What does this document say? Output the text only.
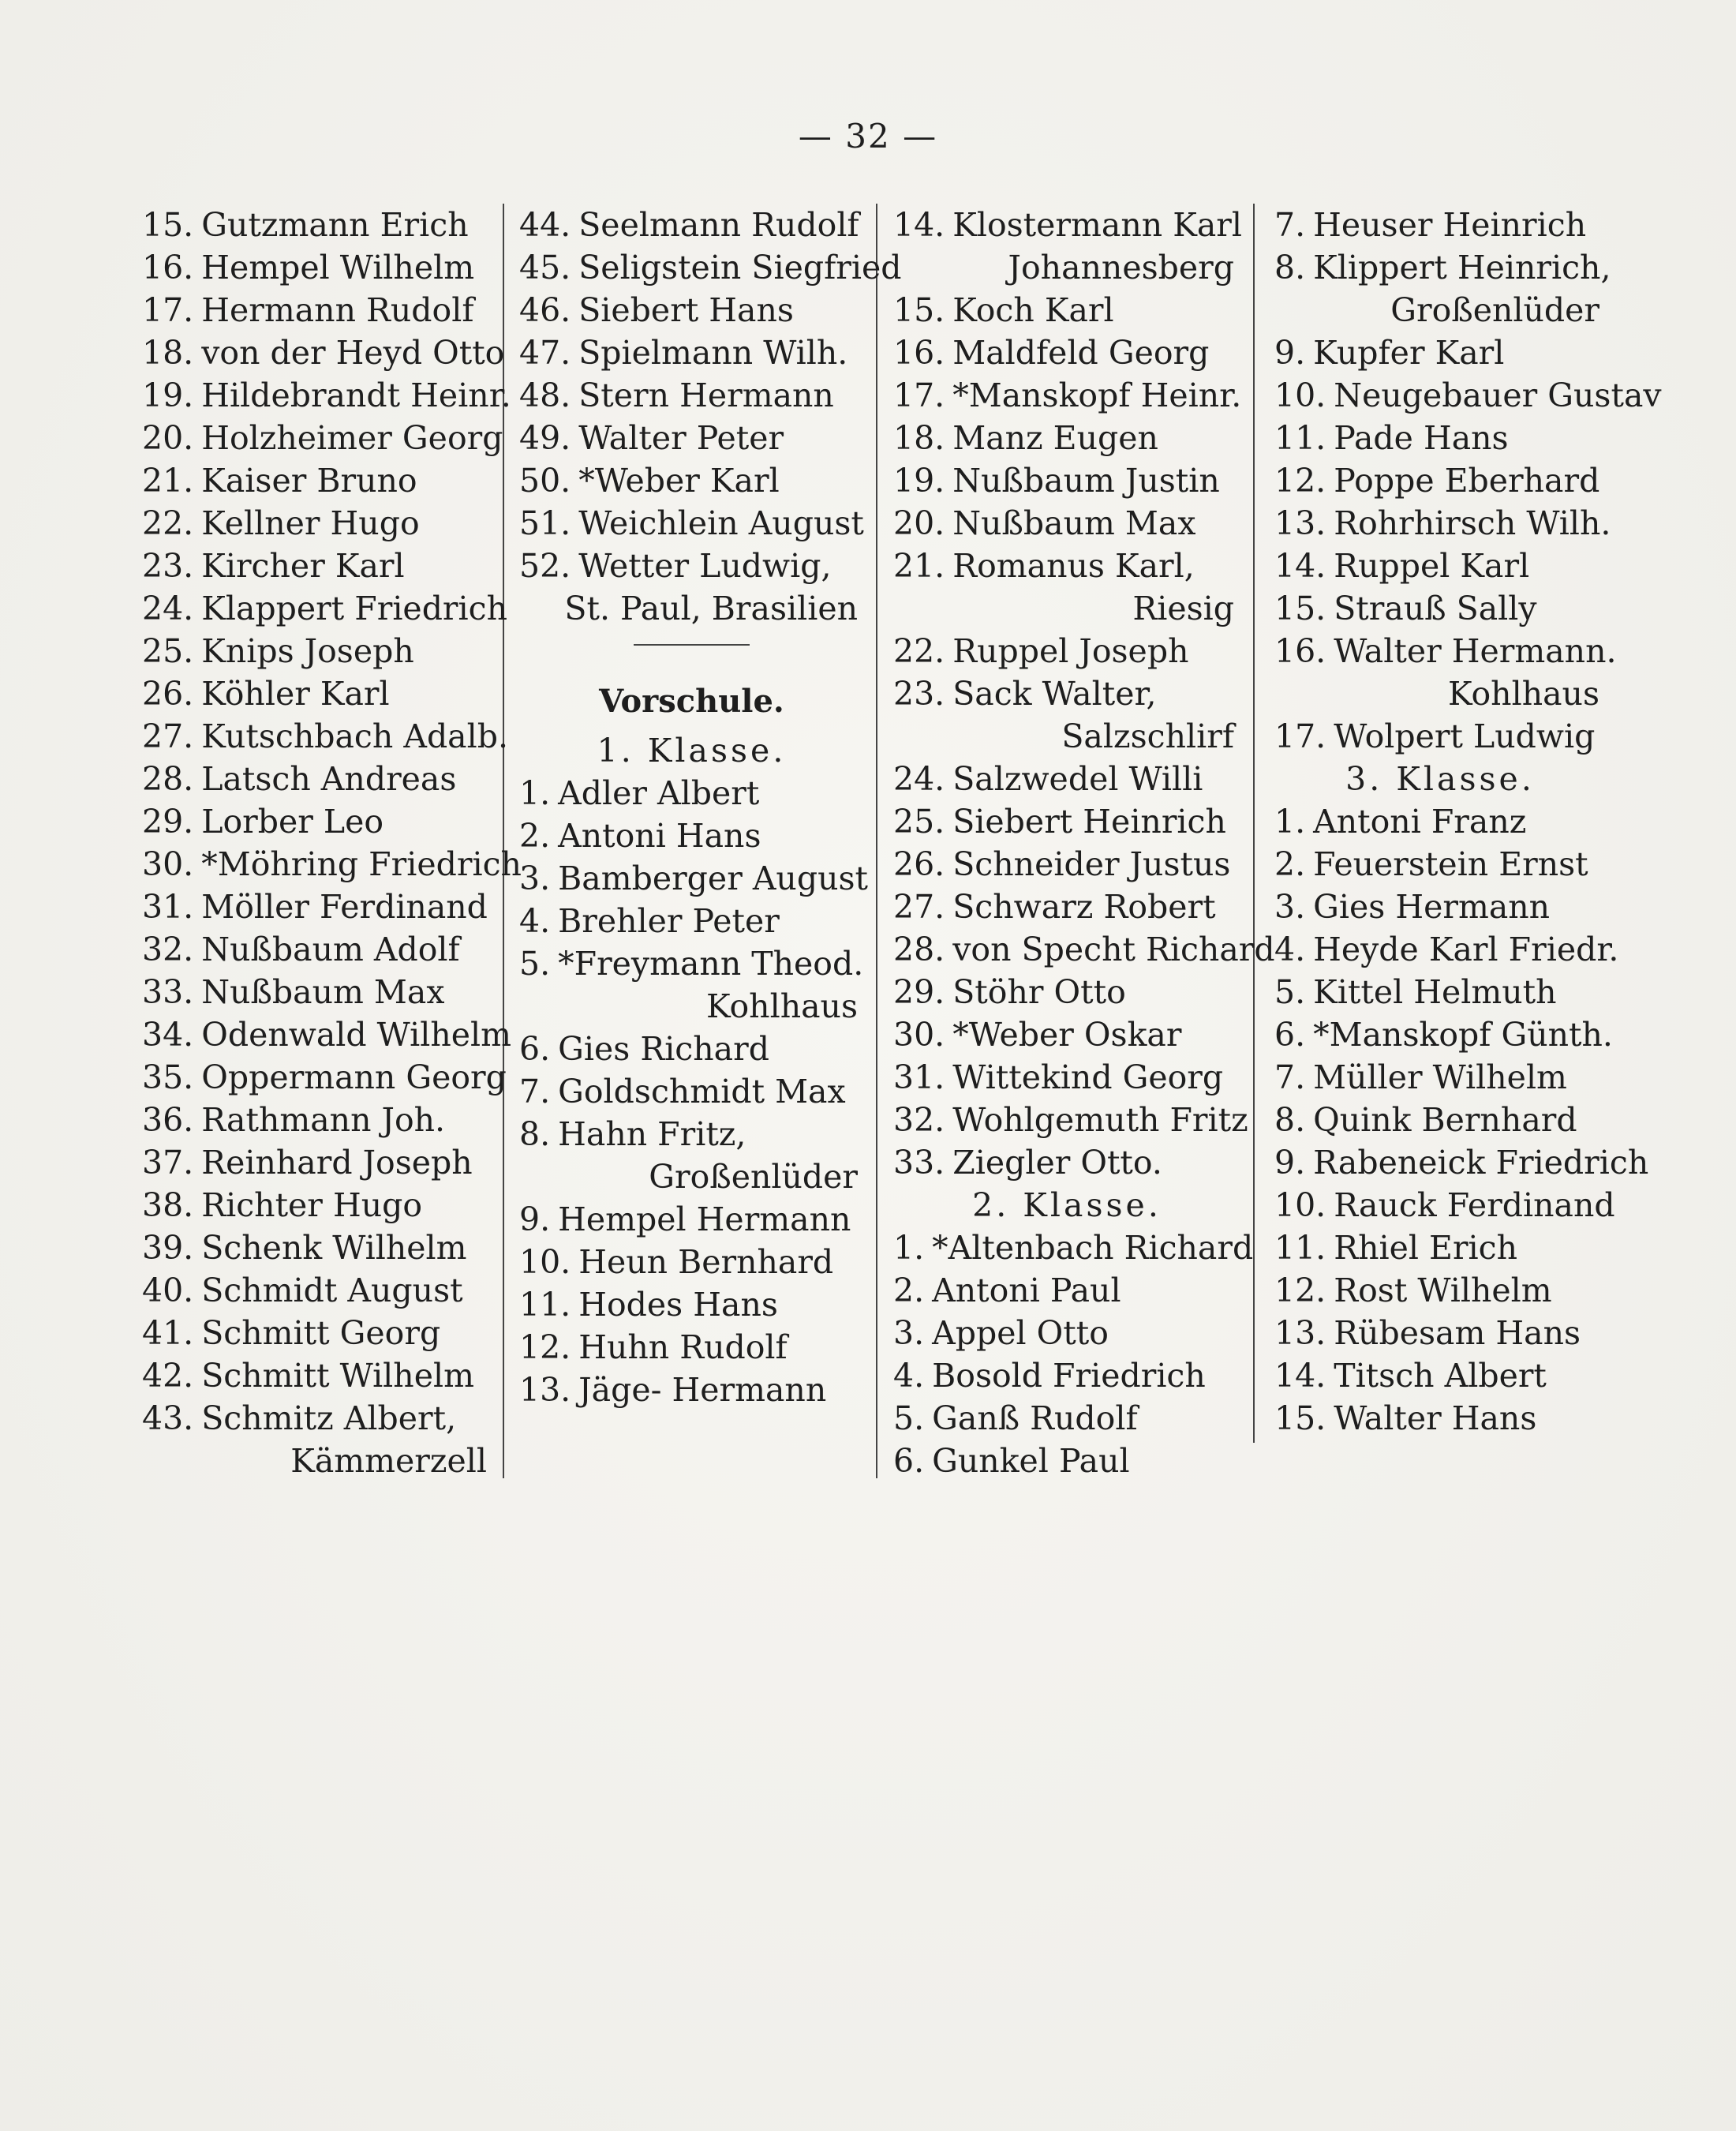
— 32 —
15. Gutzmann Erich
16. Hempel Wilhelm
17. Hermann Rudolf
18. von der Heyd Otto
19. Hildebrandt Heinr.
20. Holzheimer Georg
21. Kaiser Bruno
22. Kellner Hugo
23. Kircher Karl
24. Klappert Friedrich
25. Knips Joseph
26. Köhler Karl
27. Kutschbach Adalb.
28. Latsch Andreas
29. Lorber Leo
30. *Möhring Friedrich
31. Möller Ferdinand
32. Nußbaum Adolf
33. Nußbaum Max
34. Odenwald Wilhelm
35. Oppermann Georg
36. Rathmann Joh.
37. Reinhard Joseph
38. Richter Hugo
39. Schenk Wilhelm
40. Schmidt August
41. Schmitt Georg
42. Schmitt Wilhelm
43. Schmitz Albert,
Kämmerzell
44. Seelmann Rudolf
45. Seligstein Siegfried
46. Siebert Hans
47. Spielmann Wilh.
48. Stern Hermann
49. Walter Peter
50. *Weber Karl
51. Weichlein August
52. Wetter Ludwig,
St. Paul, Brasilien
Vorschule.
1. Klasse.
1. Adler Albert
2. Antoni Hans
3. Bamberger August
4. Brehler Peter
5. *Freymann Theod.
Kohlhaus
6. Gies Richard
7. Goldschmidt Max
8. Hahn Fritz,
Großenlüder
9. Hempel Hermann
10. Heun Bernhard
11. Hodes Hans
12. Huhn Rudolf
13. Jäge- Hermann
14. Klostermann Karl
Johannesberg
15. Koch Karl
16. Maldfeld Georg
17. *Manskopf Heinr.
18. Manz Eugen
19. Nußbaum Justin
20. Nußbaum Max
21. Romanus Karl,
Riesig
22. Ruppel Joseph
23. Sack Walter,
Salzschlirf
24. Salzwedel Willi
25. Siebert Heinrich
26. Schneider Justus
27. Schwarz Robert
28. von Specht Richard
29. Stöhr Otto
30. *Weber Oskar
31. Wittekind Georg
32. Wohlgemuth Fritz
33. Ziegler Otto.
2. Klasse.
1. *Altenbach Richard
2. Antoni Paul
3. Appel Otto
4. Bosold Friedrich
5. Ganß Rudolf
6. Gunkel Paul
7. Heuser Heinrich
8. Klippert Heinrich,
Großenlüder
9. Kupfer Karl
10. Neugebauer Gustav
11. Pade Hans
12. Poppe Eberhard
13. Rohrhirsch Wilh.
14. Ruppel Karl
15. Strauß Sally
16. Walter Hermann.
Kohlhaus
17. Wolpert Ludwig
3. Klasse.
1. Antoni Franz
2. Feuerstein Ernst
3. Gies Hermann
4. Heyde Karl Friedr.
5. Kittel Helmuth
6. *Manskopf Günth.
7. Müller Wilhelm
8. Quink Bernhard
9. Rabeneick Friedrich
10. Rauck Ferdinand
11. Rhiel Erich
12. Rost Wilhelm
13. Rübesam Hans
14. Titsch Albert
15. Walter Hans
